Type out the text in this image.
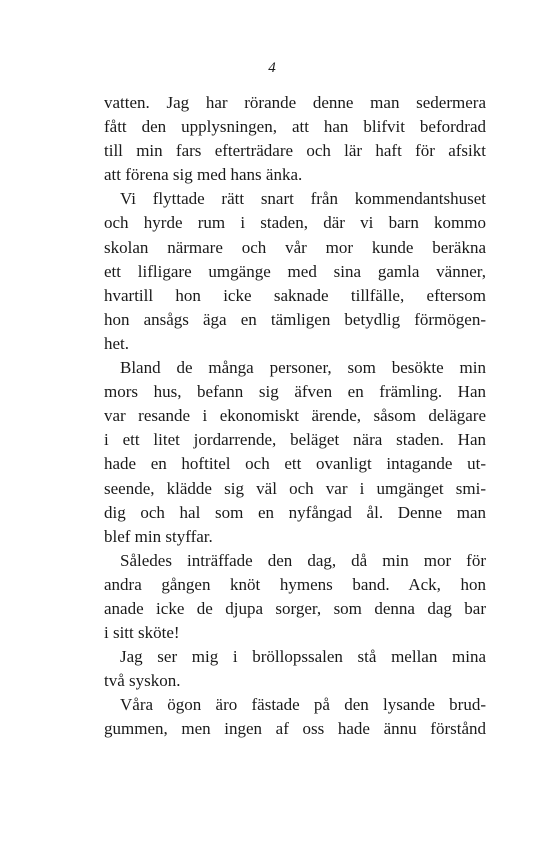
4
vatten. Jag har rörande denne man sedermera
fått den upplysningen, att han blifvit befordrad
till min fars efterträdare och lär haft för afsikt
att förena sig med hans änka.
Vi flyttade rätt snart från kommendantshuset
och hyrde rum i staden, där vi barn kommo
skolan närmare och vår mor kunde beräkna
ett lifligare umgänge med sina gamla vänner,
hvartill hon icke saknade tillfälle, eftersom
hon ansågs äga en tämligen betydlig förmögen-
het.
Bland de många personer, som besökte min
mors hus, befann sig äfven en främling. Han
var resande i ekonomiskt ärende, såsom delägare
i ett litet jordarrende, beläget nära staden. Han
hade en hoftitel och ett ovanligt intagande ut-
seende, klädde sig väl och var i umgänget smi-
dig och hal som en nyfångad ål. Denne man
blef min styffar.
Således inträffade den dag, då min mor för
andra gången knöt hymens band. Ack, hon
anade icke de djupa sorger, som denna dag bar
i sitt sköte!
Jag ser mig i bröllopssalen stå mellan mina
två syskon.
Våra ögon äro fästade på den lysande brud-
gummen, men ingen af oss hade ännu förstånd
